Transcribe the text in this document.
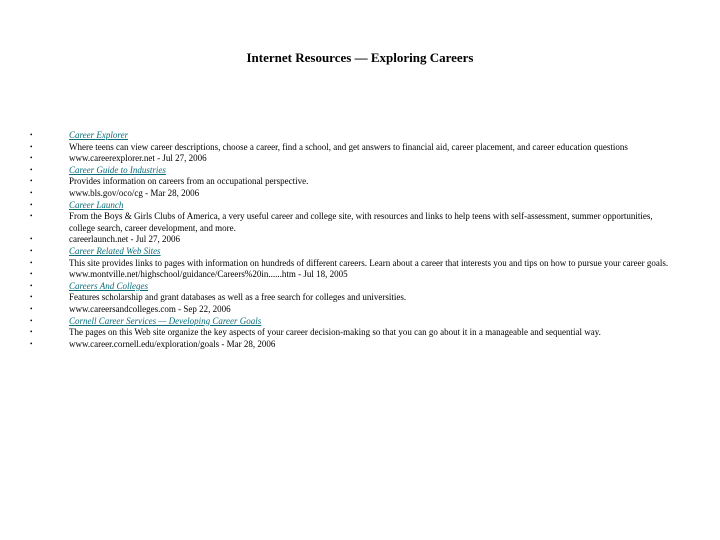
Internet Resources — Exploring Careers
•	Career Explorer
•	Where teens can view career descriptions, choose a career, find a school, and get answers to financial aid, career placement, and career education questions
•	www.careerexplorer.net - Jul 27, 2006
•	Career Guide to Industries
•	Provides information on careers from an occupational perspective.
•	www.bls.gov/oco/cg - Mar 28, 2006
•	Career Launch
•	From the Boys & Girls Clubs of America, a very useful career and college site, with resources and links to help teens with self-assessment, summer opportunities, college search, career development, and more.
•	careerlaunch.net - Jul 27, 2006
•	Career Related Web Sites
•	This site provides links to pages with information on hundreds of different careers. Learn about a career that interests you and tips on how to pursue your career goals.
•	www.montville.net/highschool/guidance/Careers%20in......htm - Jul 18, 2005
•	Careers And Colleges
•	Features scholarship and grant databases as well as a free search for colleges and universities.
•	www.careersandcolleges.com - Sep 22, 2006
•	Cornell Career Services — Developing Career Goals
•	The pages on this Web site organize the key aspects of your career decision-making so that you can go about it in a manageable and sequential way.
•	www.career.cornell.edu/exploration/goals - Mar 28, 2006
